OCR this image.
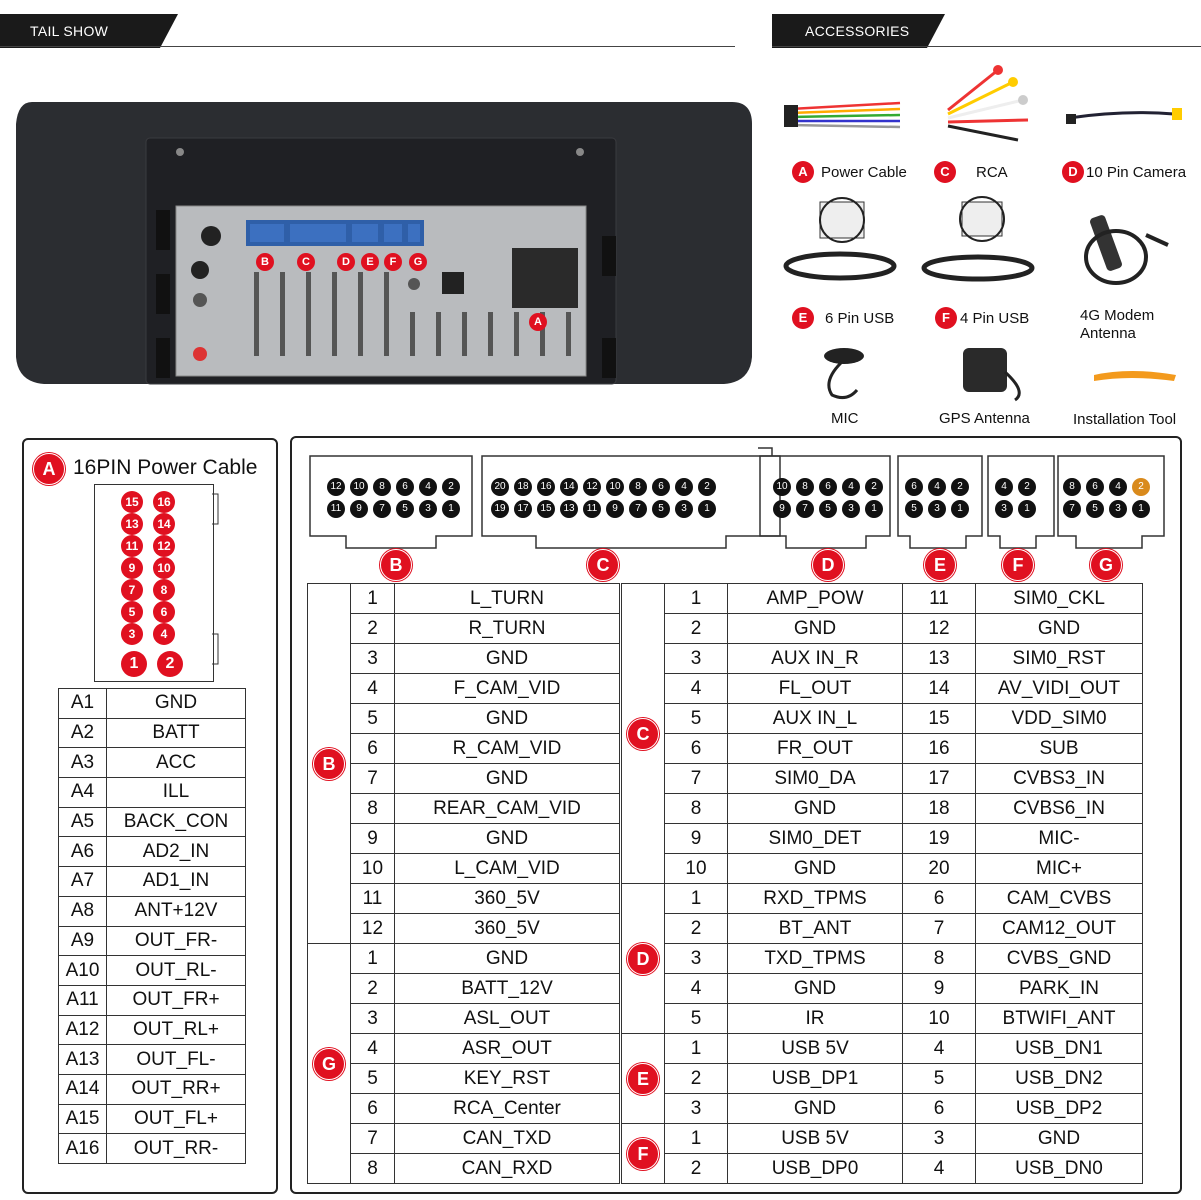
TAIL SHOW	ACCESSORIES
B	C	D	E	F	G
A
A Power Cable	C	RCA	D 10 Pin Camera
E	6 Pin USB	F 4 Pin USB	4G Modem Antenna
MIC	GPS Antenna	Installation Tool
A 16PIN Power Cable
15	16
13	14
11	12
9	10
7	8
5	6
3	4
1	2
A1	GND
A2	BATT
A3	ACC
A4	ILL
A5	BACK_CON
A6	AD2_IN
A7	AD1_IN
A8	ANT+12V
A9	OUT_FR-
A10	OUT_RL-
A11	OUT_FR+
A12	OUT_RL+
A13	OUT_FL-
A14	OUT_RR+
A15	OUT_FL+
A16	OUT_RR-
12	10	8	6	4	2
11	9	7	5	3	1
20	18	16	14	12	10	8	6	4	2
19	17	15	13	11	9	7	5	3	1
10	8	6	4	2
9	7	5	3	1
6	4	2
5	3	1
4	2
3	1
8	6	4	2
7	5	3	1
B	C	D	E	F	G
B	1	L_TURN
	2	R_TURN
	3	GND
	4	F_CAM_VID
	5	GND
	6	R_CAM_VID
	7	GND
	8	REAR_CAM_VID
	9	GND
	10	L_CAM_VID
	11	360_5V
	12	360_5V
G	1	GND
	2	BATT_12V
	3	ASL_OUT
	4	ASR_OUT
	5	KEY_RST
	6	RCA_Center
	7	CAN_TXD
	8	CAN_RXD
C	1	AMP_POW	11	SIM0_CKL
	2	GND	12	GND
	3	AUX IN_R	13	SIM0_RST
	4	FL_OUT	14	AV_VIDI_OUT
	5	AUX IN_L	15	VDD_SIM0
	6	FR_OUT	16	SUB
	7	SIM0_DA	17	CVBS3_IN
	8	GND	18	CVBS6_IN
	9	SIM0_DET	19	MIC-
	10	GND	20	MIC+
D	1	RXD_TPMS	6	CAM_CVBS
	2	BT_ANT	7	CAM12_OUT
	3	TXD_TPMS	8	CVBS_GND
	4	GND	9	PARK_IN
	5	IR	10	BTWIFI_ANT
E	1	USB 5V	4	USB_DN1
	2	USB_DP1	5	USB_DN2
	3	GND	6	USB_DP2
F	1	USB 5V	3	GND
	2	USB_DP0	4	USB_DN0
